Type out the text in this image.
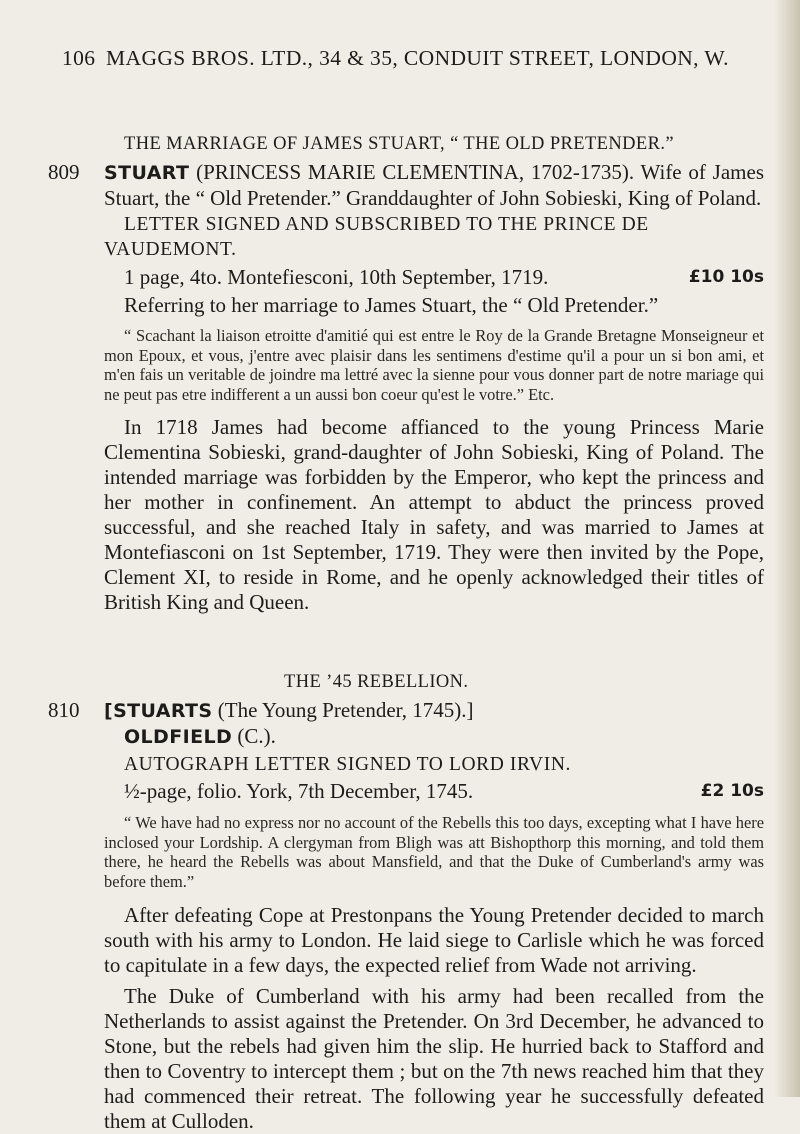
106 MAGGS BROS. LTD., 34 & 35, CONDUIT STREET, LONDON, W.
THE MARRIAGE OF JAMES STUART, “ THE OLD PRETENDER.”
809 STUART (PRINCESS MARIE CLEMENTINA, 1702-1735). Wife of James Stuart, the “ Old Pretender.” Granddaughter of John Sobieski, King of Poland.

LETTER SIGNED AND SUBSCRIBED TO THE PRINCE DE VAUDEMONT.

1 page, 4to. Montefiesconi, 10th September, 1719.	£10 10s

Referring to her marriage to James Stuart, the “ Old Pretender.”

“ Scachant la liaison etroitte d'amitié qui est entre le Roy de la Grande Bretagne Monseigneur et mon Epoux, et vous, j'entre avec plaisir dans les sentimens d'estime qu'il a pour un si bon ami, et m'en fais un veritable de joindre ma lettré avec la sienne pour vous donner part de notre mariage qui ne peut pas etre indifferent a un aussi bon coeur qu'est le votre.” Etc.

In 1718 James had become affianced to the young Princess Marie Clementina Sobieski, grand-daughter of John Sobieski, King of Poland. The intended marriage was forbidden by the Emperor, who kept the princess and her mother in confinement. An attempt to abduct the princess proved successful, and she reached Italy in safety, and was married to James at Montefiasconi on 1st September, 1719. They were then invited by the Pope, Clement XI, to reside in Rome, and he openly acknowledged their titles of British King and Queen.

THE ’45 REBELLION.
810 [STUARTS (The Young Pretender, 1745).]

OLDFIELD (C.).

AUTOGRAPH LETTER SIGNED TO LORD IRVIN.

½-page, folio. York, 7th December, 1745.	£2 10s

“ We have had no express nor no account of the Rebells this too days, excepting what I have here inclosed your Lordship. A clergyman from Bligh was att Bishopthorp this morning, and told them there, he heard the Rebells was about Mansfield, and that the Duke of Cumberland's army was before them.”

After defeating Cope at Prestonpans the Young Pretender decided to march south with his army to London. He laid siege to Carlisle which he was forced to capitulate in a few days, the expected relief from Wade not arriving.

The Duke of Cumberland with his army had been recalled from the Netherlands to assist against the Pretender. On 3rd December, he advanced to Stone, but the rebels had given him the slip. He hurried back to Stafford and then to Coventry to intercept them ; but on the 7th news reached him that they had commenced their retreat. The following year he successfully defeated them at Culloden.
